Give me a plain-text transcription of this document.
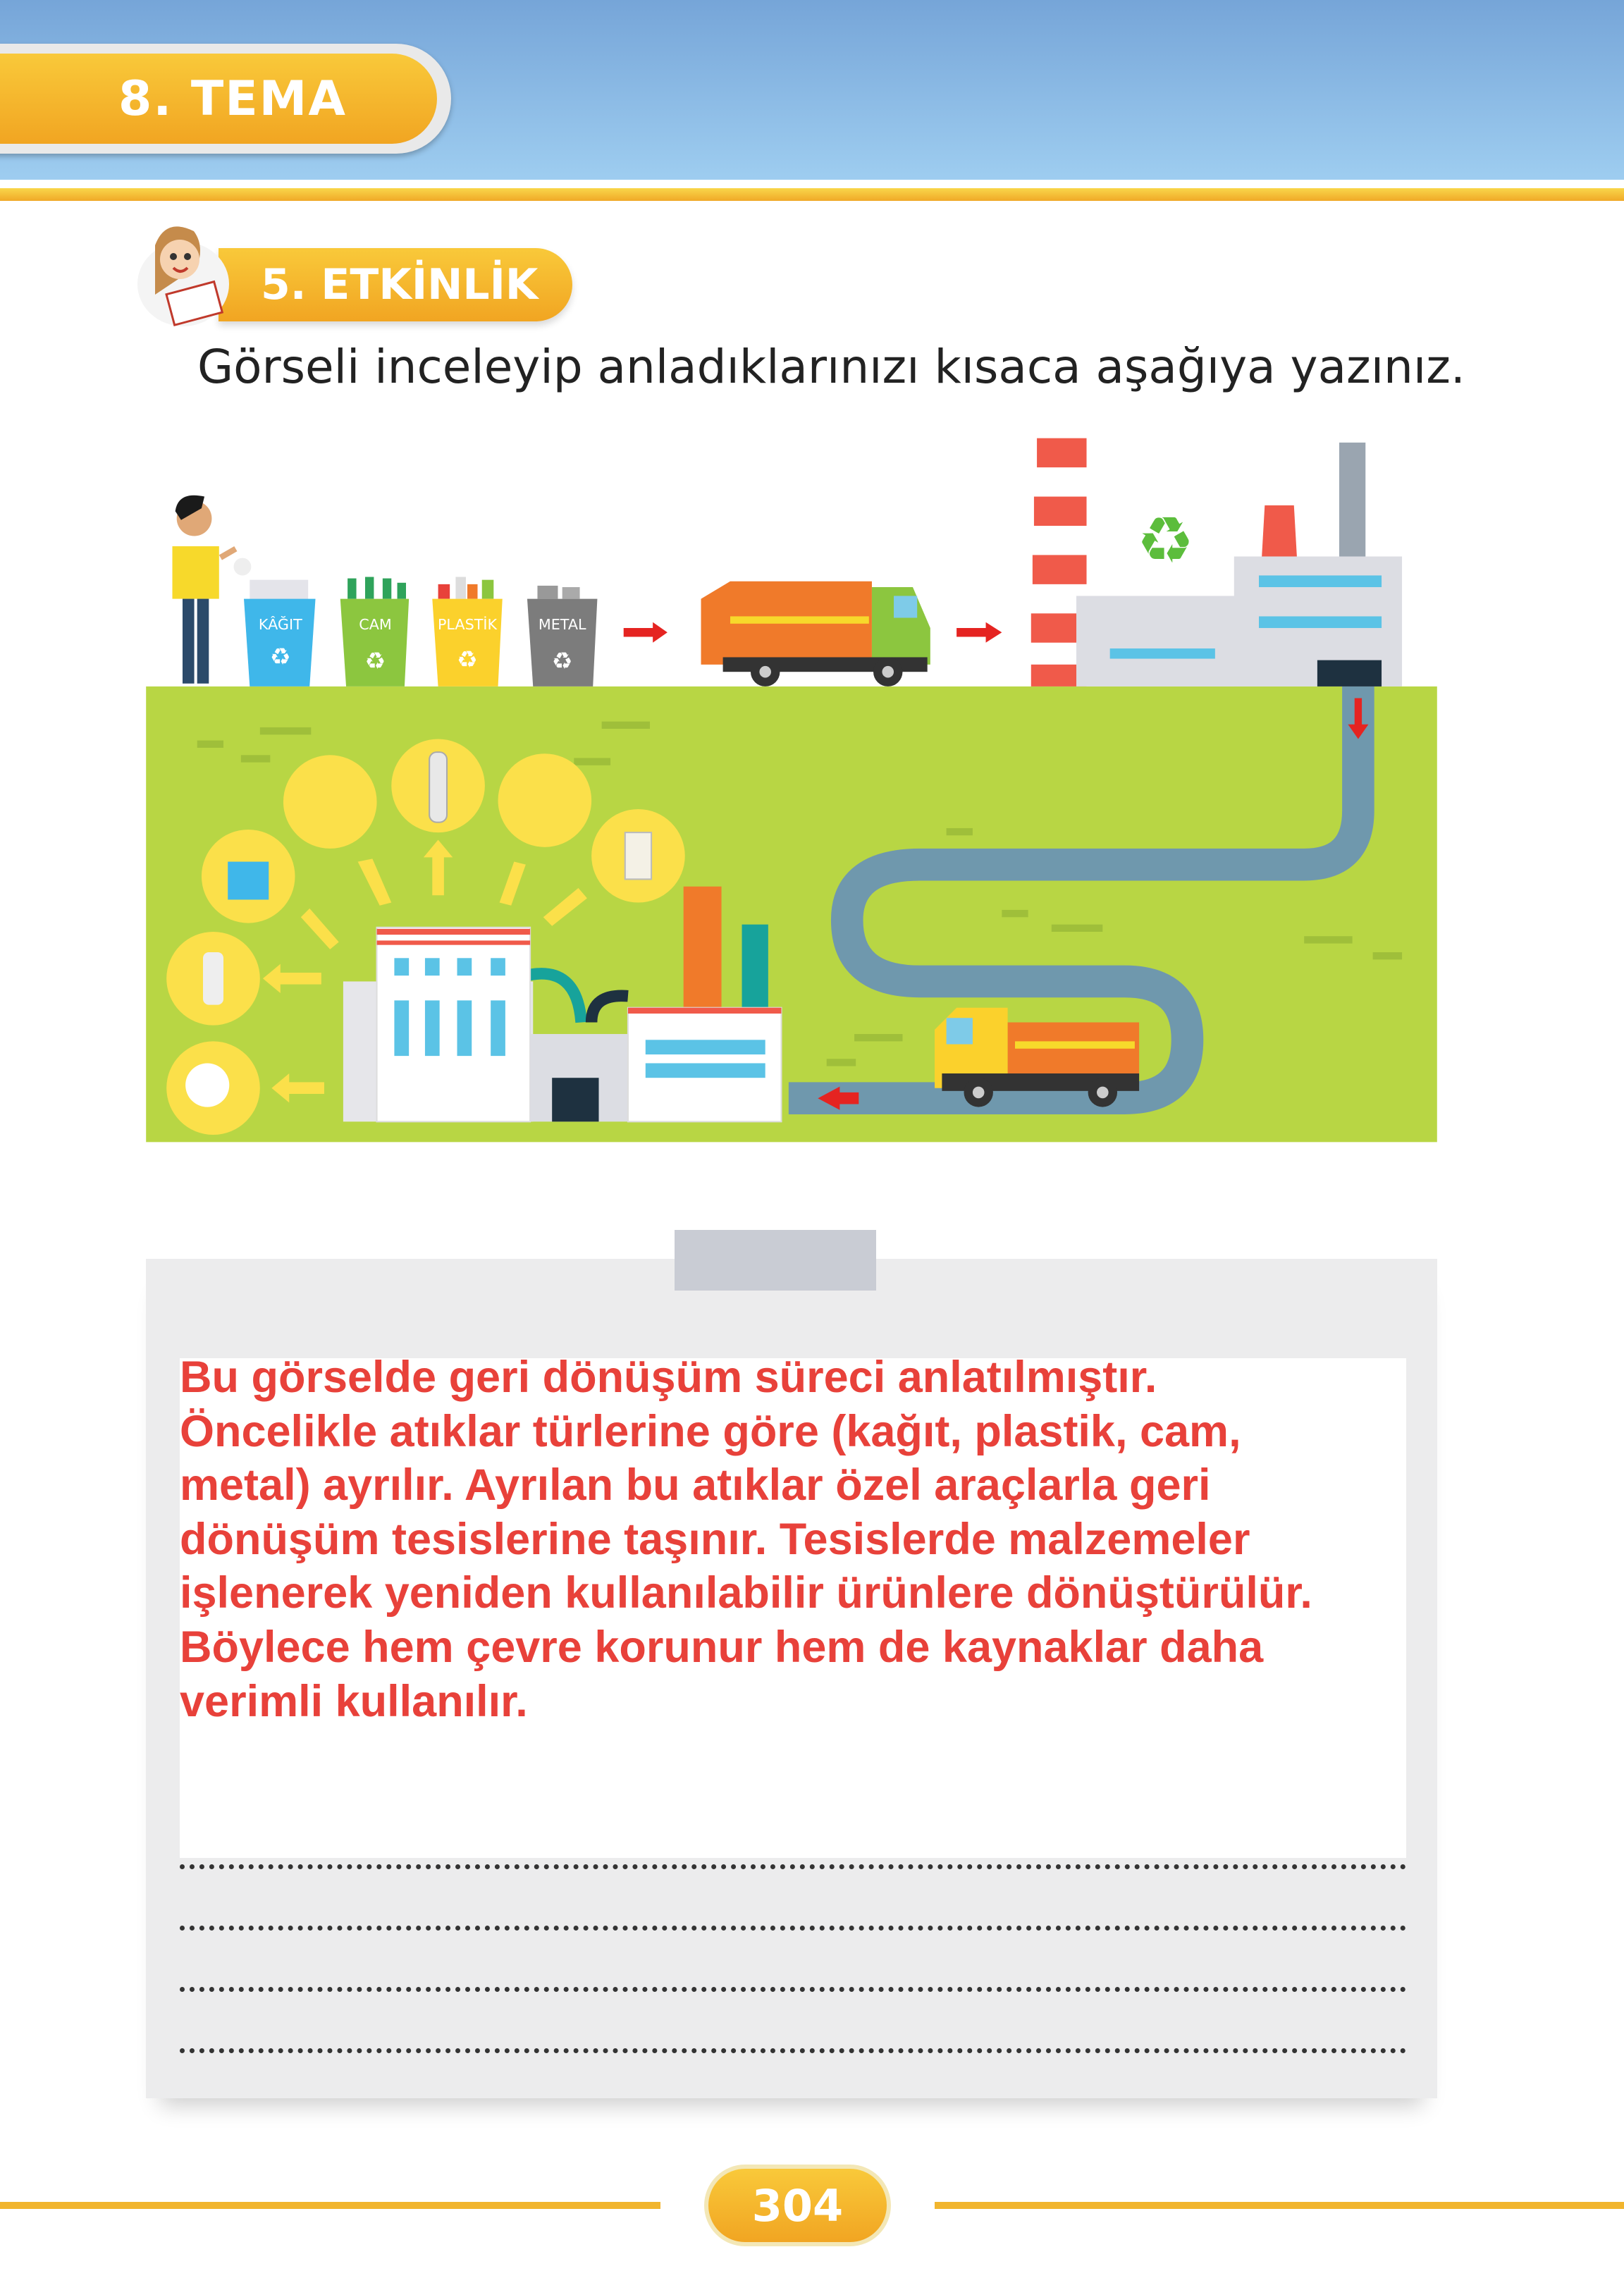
8. TEMA
5. ETKİNLİK
Görseli inceleyip anladıklarınızı kısaca aşağıya yazınız.
KÂĞIT
♻
CAM
♻
PLASTİK
♻
METAL
♻
♻
Bu görselde geri dönüşüm süreci anlatılmıştır.
Öncelikle atıklar türlerine göre (kağıt, plastik, cam,
metal) ayrılır. Ayrılan bu atıklar özel araçlarla geri
dönüşüm tesislerine taşınır. Tesislerde malzemeler
işlenerek yeniden kullanılabilir ürünlere dönüştürülür.
Böylece hem çevre korunur hem de kaynaklar daha
verimli kullanılır.
304
